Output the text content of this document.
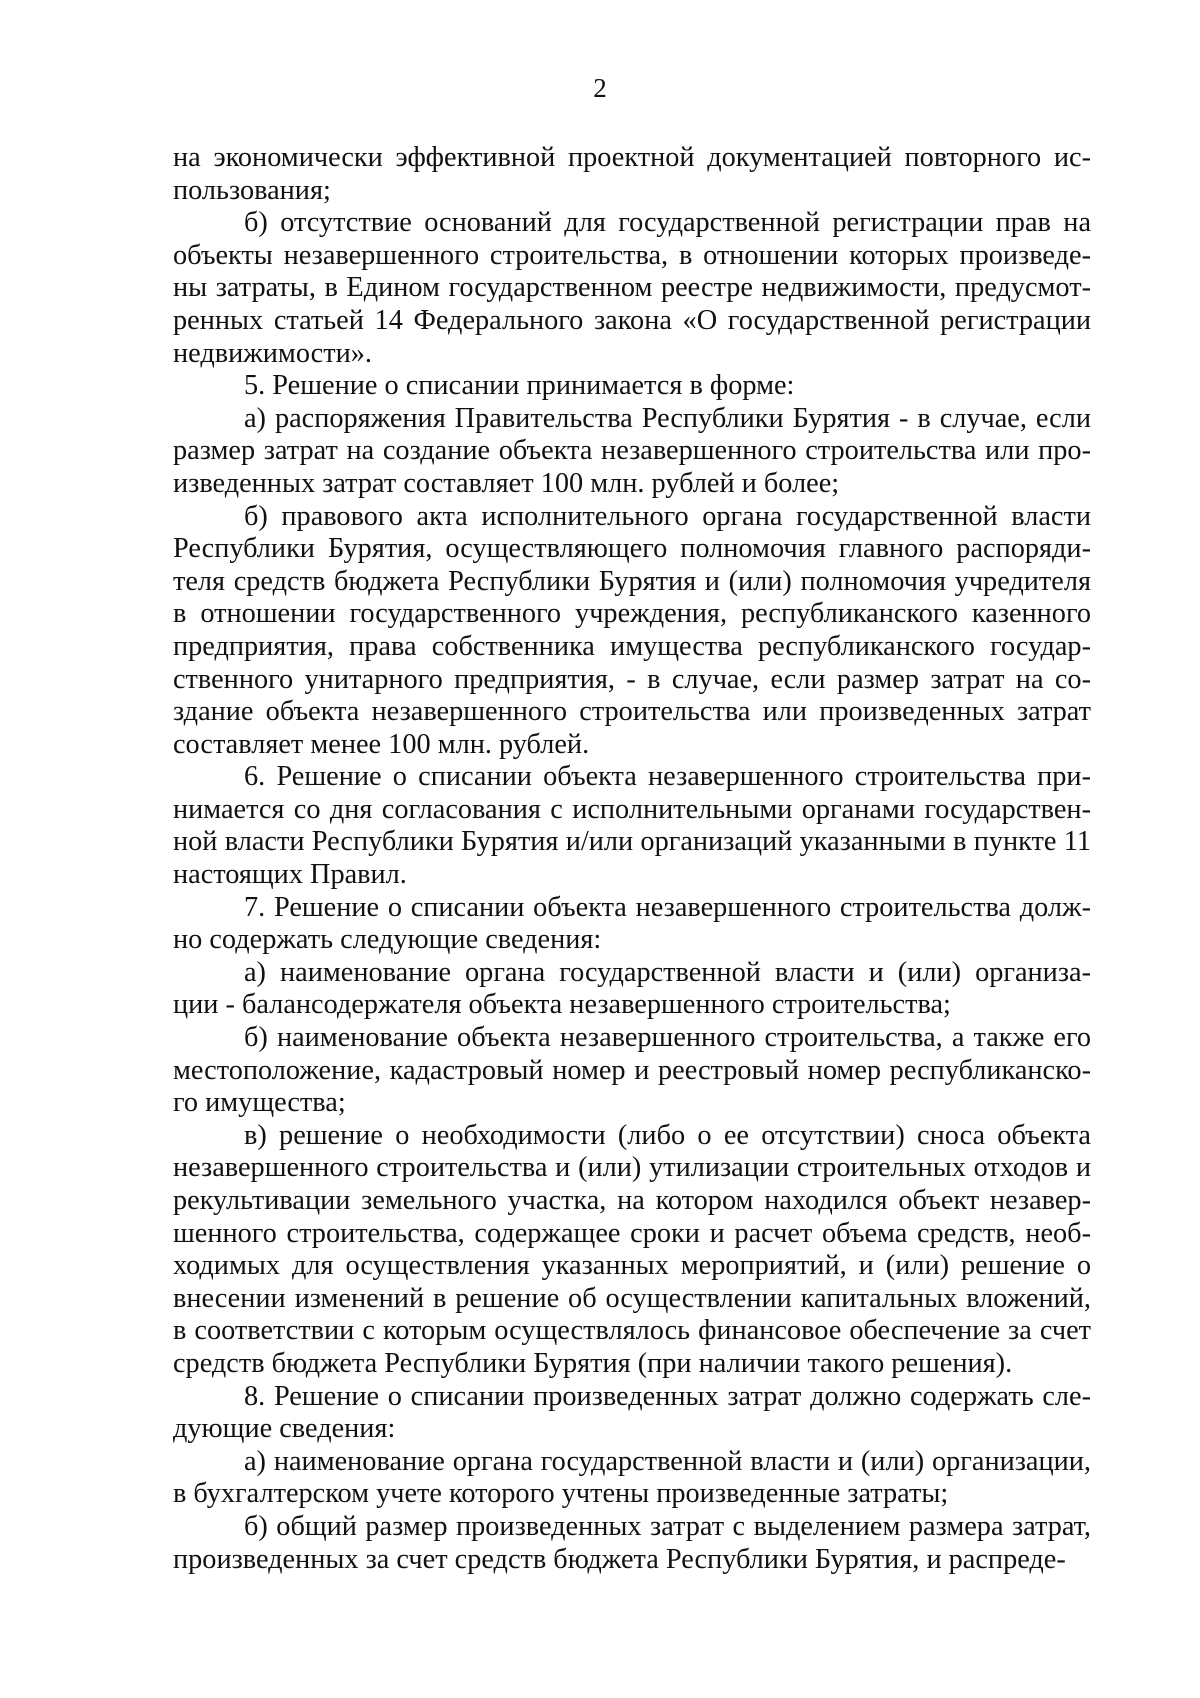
2
на экономически эффективной проектной документацией повторного ис-
пользования;
б) отсутствие оснований для государственной регистрации прав на
объекты незавершенного строительства, в отношении которых произведе-
ны затраты, в Едином государственном реестре недвижимости, предусмот-
ренных статьей 14 Федерального закона «О государственной регистрации
недвижимости».
5. Решение о списании принимается в форме:
а) распоряжения Правительства Республики Бурятия - в случае, если
размер затрат на создание объекта незавершенного строительства или про-
изведенных затрат составляет 100 млн. рублей и более;
б) правового акта исполнительного органа государственной власти
Республики Бурятия, осуществляющего полномочия главного распоряди-
теля средств бюджета Республики Бурятия и (или) полномочия учредителя
в отношении государственного учреждения, республиканского казенного
предприятия, права собственника имущества республиканского государ-
ственного унитарного предприятия, - в случае, если размер затрат на со-
здание объекта незавершенного строительства или произведенных затрат
составляет менее 100 млн. рублей.
6. Решение о списании объекта незавершенного строительства при-
нимается со дня согласования с исполнительными органами государствен-
ной власти Республики Бурятия и/или организаций указанными в пункте 11
настоящих Правил.
7. Решение о списании объекта незавершенного строительства долж-
но содержать следующие сведения:
а) наименование органа государственной власти и (или) организа-
ции - балансодержателя объекта незавершенного строительства;
б) наименование объекта незавершенного строительства, а также его
местоположение, кадастровый номер и реестровый номер республиканско-
го имущества;
в) решение о необходимости (либо о ее отсутствии) сноса объекта
незавершенного строительства и (или) утилизации строительных отходов и
рекультивации земельного участка, на котором находился объект незавер-
шенного строительства, содержащее сроки и расчет объема средств, необ-
ходимых для осуществления указанных мероприятий, и (или) решение о
внесении изменений в решение об осуществлении капитальных вложений,
в соответствии с которым осуществлялось финансовое обеспечение за счет
средств бюджета Республики Бурятия (при наличии такого решения).
8. Решение о списании произведенных затрат должно содержать сле-
дующие сведения:
а) наименование органа государственной власти и (или) организации,
в бухгалтерском учете которого учтены произведенные затраты;
б) общий размер произведенных затрат с выделением размера затрат,
произведенных за счет средств бюджета Республики Бурятия, и распреде-
